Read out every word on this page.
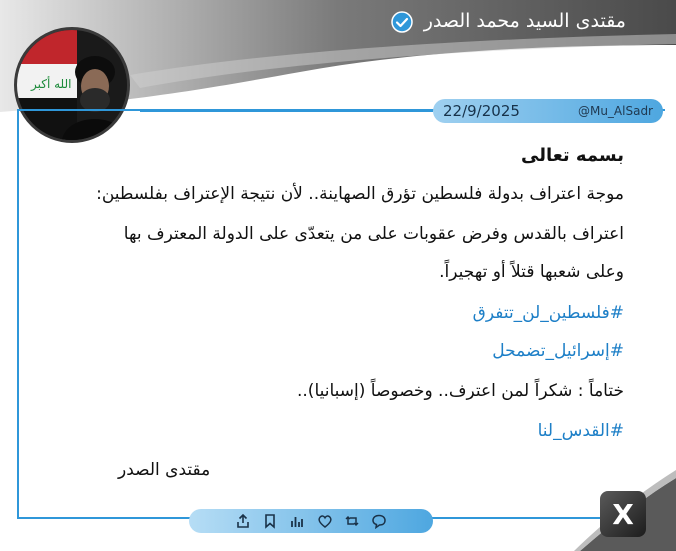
مقتدى السيد محمد الصدر
الله أكبر
22/9/2025	@Mu_AlSadr
بسمه تعالى
موجة اعتراف بدولة فلسطين تؤرق الصهاينة.. لأن نتيجة الإعتراف بفلسطين:
اعتراف بالقدس وفرض عقوبات على من يتعدّى على الدولة المعترف بها
وعلى شعبها قتلاً أو تهجيراً.
#فلسطين_لن_تتفرق
#إسرائيل_تضمحل
ختاماً : شكراً لمن اعترف.. وخصوصاً (إسبانيا)..
#القدس_لنا
مقتدى الصدر
X
